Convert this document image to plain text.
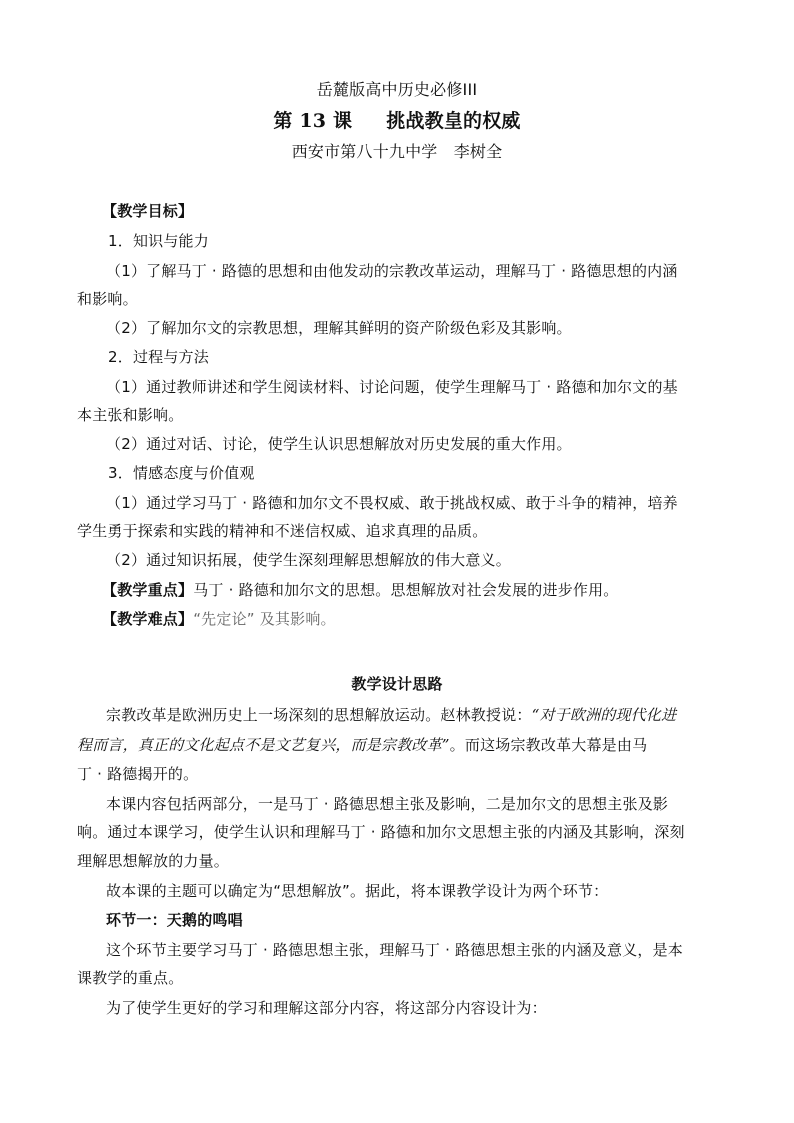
岳麓版高中历史必修III
第 13 课 挑战教皇的权威
西安市第八十九中学　 李树全
【教学目标】
1．知识与能力
（1）了解马丁 · 路德的思想和由他发动的宗教改革运动，理解马丁 · 路德思想的内涵
和影响。
（2）了解加尔文的宗教思想，理解其鲜明的资产阶级色彩及其影响。
2．过程与方法
（1）通过教师讲述和学生阅读材料、讨论问题，使学生理解马丁 · 路德和加尔文的基
本主张和影响。
（2）通过对话、讨论，使学生认识思想解放对历史发展的重大作用。
3．情感态度与价值观
（1）通过学习马丁 · 路德和加尔文不畏权威、敢于挑战权威、敢于斗争的精神，培养
学生勇于探索和实践的精神和不迷信权威、追求真理的品质。
（2）通过知识拓展，使学生深刻理解思想解放的伟大意义。
【教学重点】马丁 · 路德和加尔文的思想。思想解放对社会发展的进步作用。
【教学难点】“先定论” 及其影响。
教学设计思路
宗教改革是欧洲历史上一场深刻的思想解放运动。赵林教授说：“对于欧洲的现代化进
程而言，真正的文化起点不是文艺复兴，而是宗教改革”。而这场宗教改革大幕是由马
丁 · 路德揭开的。
本课内容包括两部分，一是马丁 · 路德思想主张及影响，二是加尔文的思想主张及影
响。通过本课学习，使学生认识和理解马丁 · 路德和加尔文思想主张的内涵及其影响，深刻
理解思想解放的力量。
故本课的主题可以确定为“思想解放”。据此，将本课教学设计为两个环节：
环节一：天鹅的鸣唱
这个环节主要学习马丁 · 路德思想主张，理解马丁 · 路德思想主张的内涵及意义，是本
课教学的重点。
为了使学生更好的学习和理解这部分内容，将这部分内容设计为：
